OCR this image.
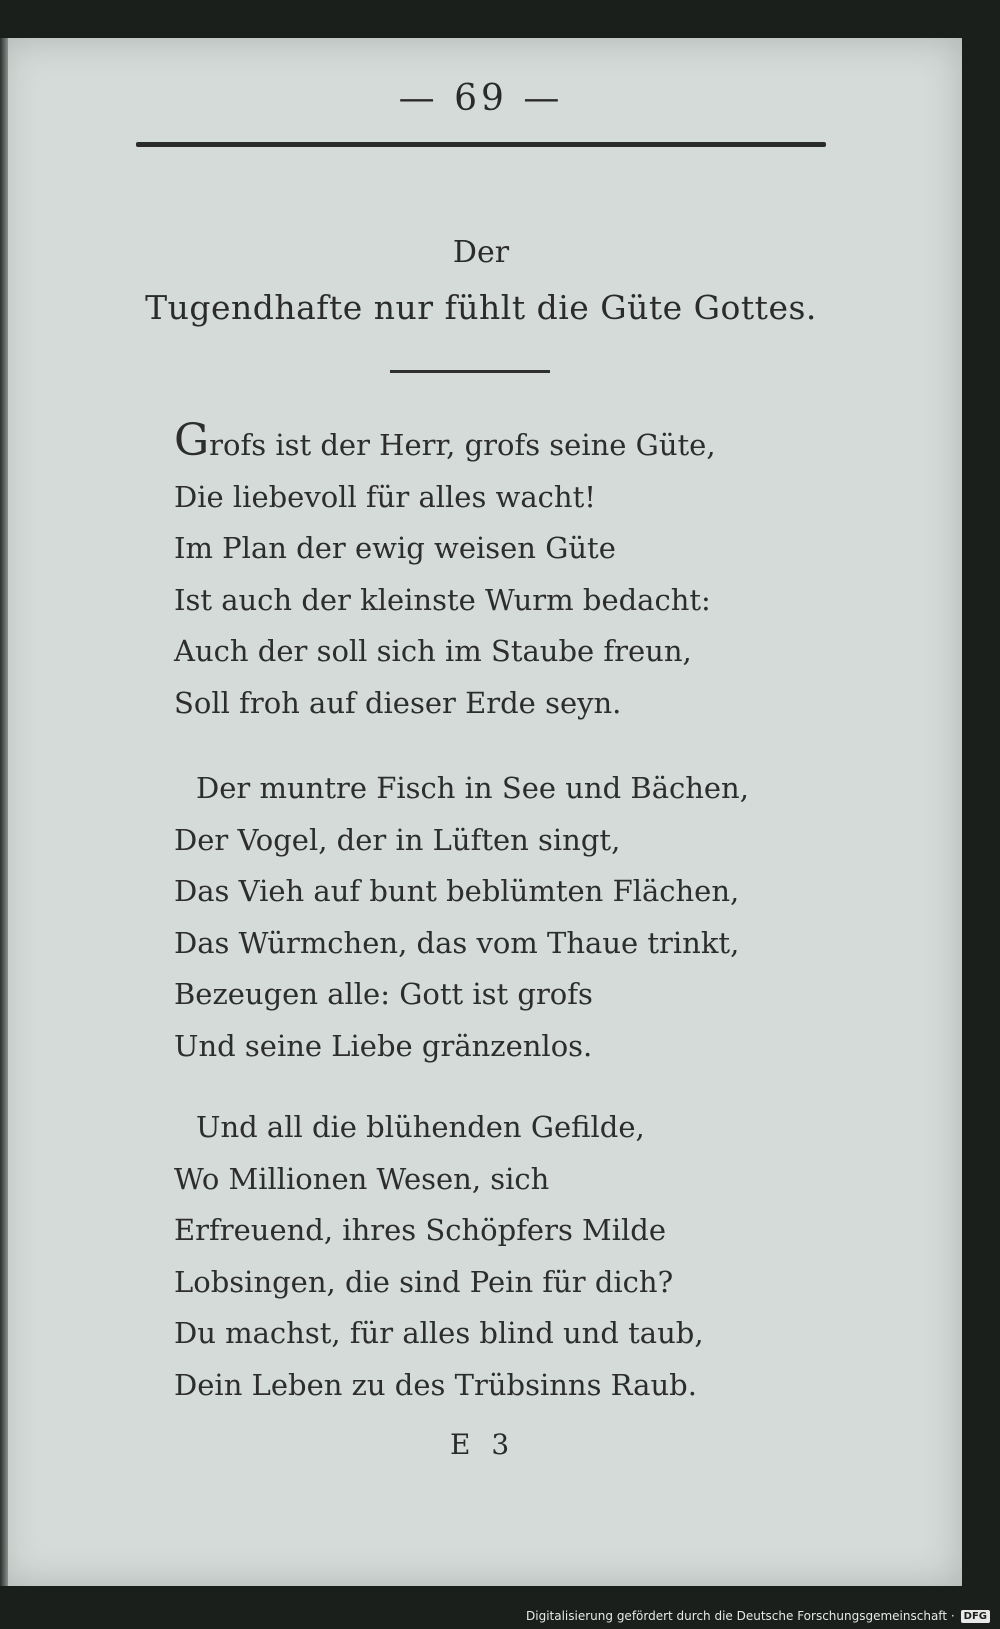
— 69 —
Der
Tugendhafte nur fühlt die Güte Gottes.
Grofs ist der Herr, grofs seine Güte,
Die liebevoll für alles wacht!
Im Plan der ewig weisen Güte
Ist auch der kleinste Wurm bedacht:
Auch der soll sich im Staube freun,
Soll froh auf dieser Erde seyn.
Der muntre Fisch in See und Bächen,
Der Vogel, der in Lüften singt,
Das Vieh auf bunt beblümten Flächen,
Das Würmchen, das vom Thaue trinkt,
Bezeugen alle: Gott ist grofs
Und seine Liebe gränzenlos.
Und all die blühenden Gefilde,
Wo Millionen Wesen, sich
Erfreuend, ihres Schöpfers Milde
Lobsingen, die sind Pein für dich?
Du machst, für alles blind und taub,
Dein Leben zu des Trübsinns Raub.
E 3
Digitalisierung gefördert durch die Deutsche Forschungsgemeinschaft · DFG
